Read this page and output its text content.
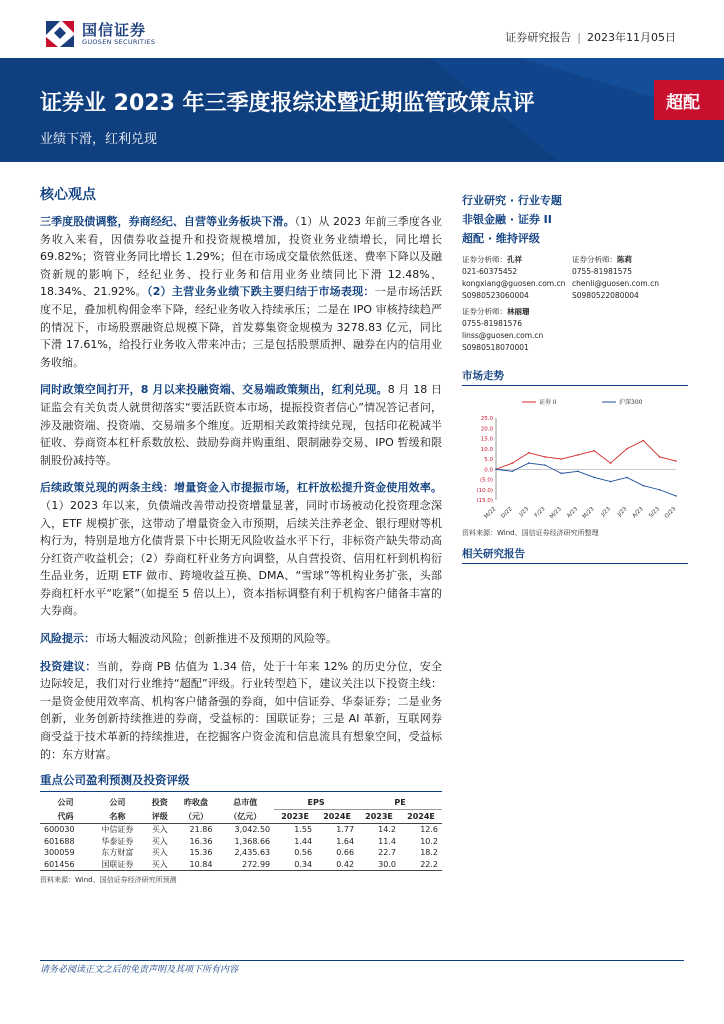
国信证券
GUOSEN SECURITIES	证券研究报告 | 2023年11月05日
证券业 2023 年三季度报综述暨近期监管政策点评
业绩下滑，红利兑现
超配
核心观点

三季度股债调整，券商经纪、自营等业务板块下滑。（1）从 2023 年前三季度各业务收入来看，因债券收益提升和投资规模增加，投资业务业绩增长，同比增长 69.82%；资管业务同比增长 1.29%；但在市场成交量依然低迷、费率下降以及融资新规的影响下，经纪业务、投行业务和信用业务业绩同比下滑 12.48%、18.34%、21.92%。（2）主营业务业绩下跌主要归结于市场表现：一是市场活跃度不足，叠加机构佣金率下降，经纪业务收入持续承压；二是在 IPO 审核持续趋严的情况下，市场股票融资总规模下降，首发募集资金规模为 3278.83 亿元，同比下滑 17.61%，给投行业务收入带来冲击；三是包括股票质押、融券在内的信用业务收缩。

同时政策空间打开，8 月以来投融资端、交易端政策频出，红利兑现。8 月 18 日证监会有关负责人就贯彻落实“要活跃资本市场，提振投资者信心”情况答记者问，涉及融资端、投资端、交易端多个维度。近期相关政策持续兑现，包括印花税减半征收、券商资本杠杆系数放松、鼓励券商并购重组、限制融券交易、IPO 暂缓和限制股份减持等。

后续政策兑现的两条主线：增量资金入市提振市场，杠杆放松提升资金使用效率。（1）2023 年以来，负债端改善带动投资增量显著，同时市场被动化投资理念深入，ETF 规模扩张，这带动了增量资金入市预期，后续关注养老金、银行理财等机构行为，特别是地方化债背景下中长期无风险收益水平下行，非标资产缺失带动高分红资产收益机会；（2）券商杠杆业务方向调整，从自营投资、信用杠杆到机构衍生品业务，近期 ETF 做市、跨境收益互换、DMA、“雪球”等机构业务扩张，头部券商杠杆水平“吃紧”（如提至 5 倍以上），资本指标调整有利于机构客户储备丰富的大券商。

风险提示：市场大幅波动风险；创新推进不及预期的风险等。

投资建议：当前，券商 PB 估值为 1.34 倍，处于十年来 12% 的历史分位，安全边际较足，我们对行业维持“超配”评级。行业转型趋下，建议关注以下投资主线：一是资金使用效率高、机构客户储备强的券商，如中信证券、华泰证券；二是业务创新，业务创新持续推进的券商，受益标的：国联证券；三是 AI 革新，互联网券商受益于技术革新的持续推进，在挖掘客户资金流和信息流具有想象空间，受益标的：东方财富。

行业研究 · 行业专题
非银金融 · 证券 II
超配 · 维持评级
证券分析师：孔祥
021-60375452
kongxiang@guosen.com.cn
S0980523060004
证券分析师：陈莉
0755-81981575
chenli@guosen.com.cn
S0980522080004
证券分析师：林丽珊
0755-81981576
linss@guosen.com.cn
S0980518070001
市场走势
25.0
20.0
15.0
10.0
5.0
0.0
(5.0)
(10.0)
(15.0)
M/22 D/22 J/23 F/23 M/23 A/23 M/23 J/23 J/23 A/23 S/23 O/23
证券 II	沪深300
资料来源：Wind、国信证券经济研究所整理
相关研究报告
重点公司盈利预测及投资评级
公司	公司	投资	昨收盘	总市值	EPS		PE	
代码	名称	评级	（元）	（亿元）	2023E	2024E	2023E	2024E
600030	中信证券	买入	21.86	3,042.50	1.55	1.77	14.2	12.6
601688	华泰证券	买入	16.36	1,368.66	1.44	1.64	11.4	10.2
300059	东方财富	买入	15.36	2,435.63	0.56	0.66	22.7	18.2
601456	国联证券	买入	10.84	272.99	0.34	0.42	30.0	22.2
资料来源：Wind、国信证券经济研究所预测
请务必阅读正文之后的免责声明及其项下所有内容
